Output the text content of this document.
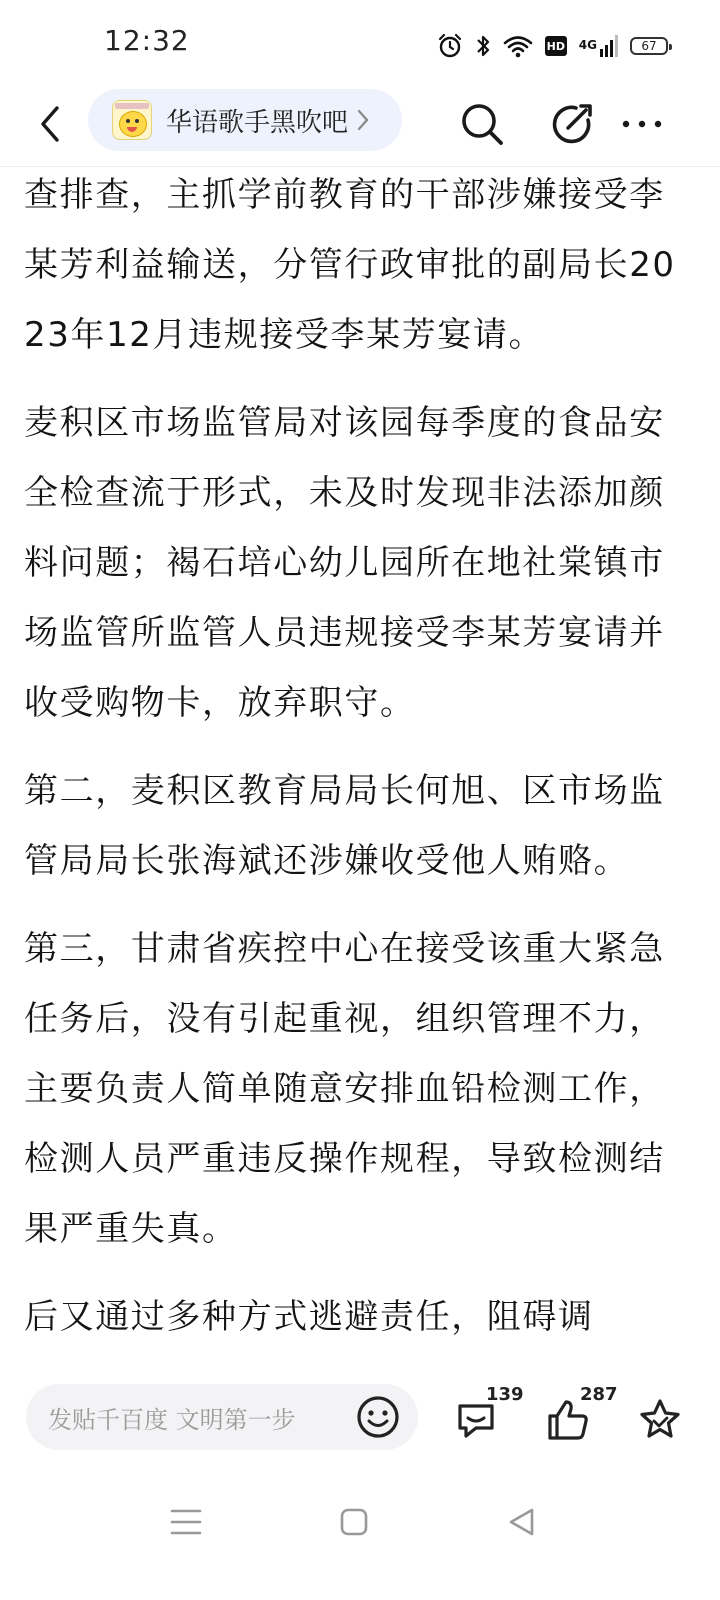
12:32	HD 4G	67
华语歌手黑吹吧

查排查，主抓学前教育的干部涉嫌接受李某芳利益输送，分管行政审批的副局长2023年12月违规接受李某芳宴请。

麦积区市场监管局对该园每季度的食品安全检查流于形式，未及时发现非法添加颜料问题；褐石培心幼儿园所在地社棠镇市场监管所监管人员违规接受李某芳宴请并收受购物卡，放弃职守。

第二，麦积区教育局局长何旭、区市场监管局局长张海斌还涉嫌收受他人贿赂。

第三，甘肃省疾控中心在接受该重大紧急任务后，没有引起重视，组织管理不力，主要负责人简单随意安排血铅检测工作，检测人员严重违反操作规程，导致检测结果严重失真。

后又通过多种方式逃避责任，阻碍调

发贴千百度 文明第一步
139	287
